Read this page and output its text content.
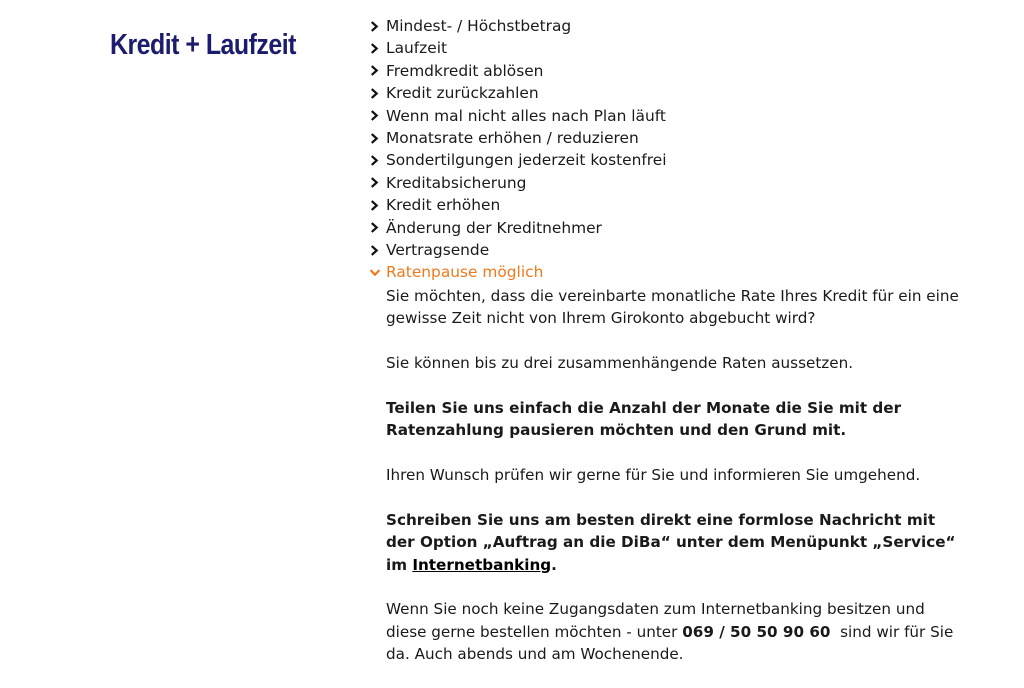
Kredit + Laufzeit
Mindest- / Höchstbetrag
Laufzeit
Fremdkredit ablösen
Kredit zurückzahlen
Wenn mal nicht alles nach Plan läuft
Monatsrate erhöhen / reduzieren
Sondertilgungen jederzeit kostenfrei
Kreditabsicherung
Kredit erhöhen
Änderung der Kreditnehmer
Vertragsende
Ratenpause möglich

Sie möchten, dass die vereinbarte monatliche Rate Ihres Kredit für ein eine gewisse Zeit nicht von Ihrem Girokonto abgebucht wird?

Sie können bis zu drei zusammenhängende Raten aussetzen.

Teilen Sie uns einfach die Anzahl der Monate die Sie mit der Ratenzahlung pausieren möchten und den Grund mit.

Ihren Wunsch prüfen wir gerne für Sie und informieren Sie umgehend.

Schreiben Sie uns am besten direkt eine formlose Nachricht mit der Option „Auftrag an die DiBa“ unter dem Menüpunkt „Service“ im Internetbanking.

Wenn Sie noch keine Zugangsdaten zum Internetbanking besitzen und diese gerne bestellen möchten - unter 069 / 50 50 90 60 sind wir für Sie da. Auch abends und am Wochenende.
